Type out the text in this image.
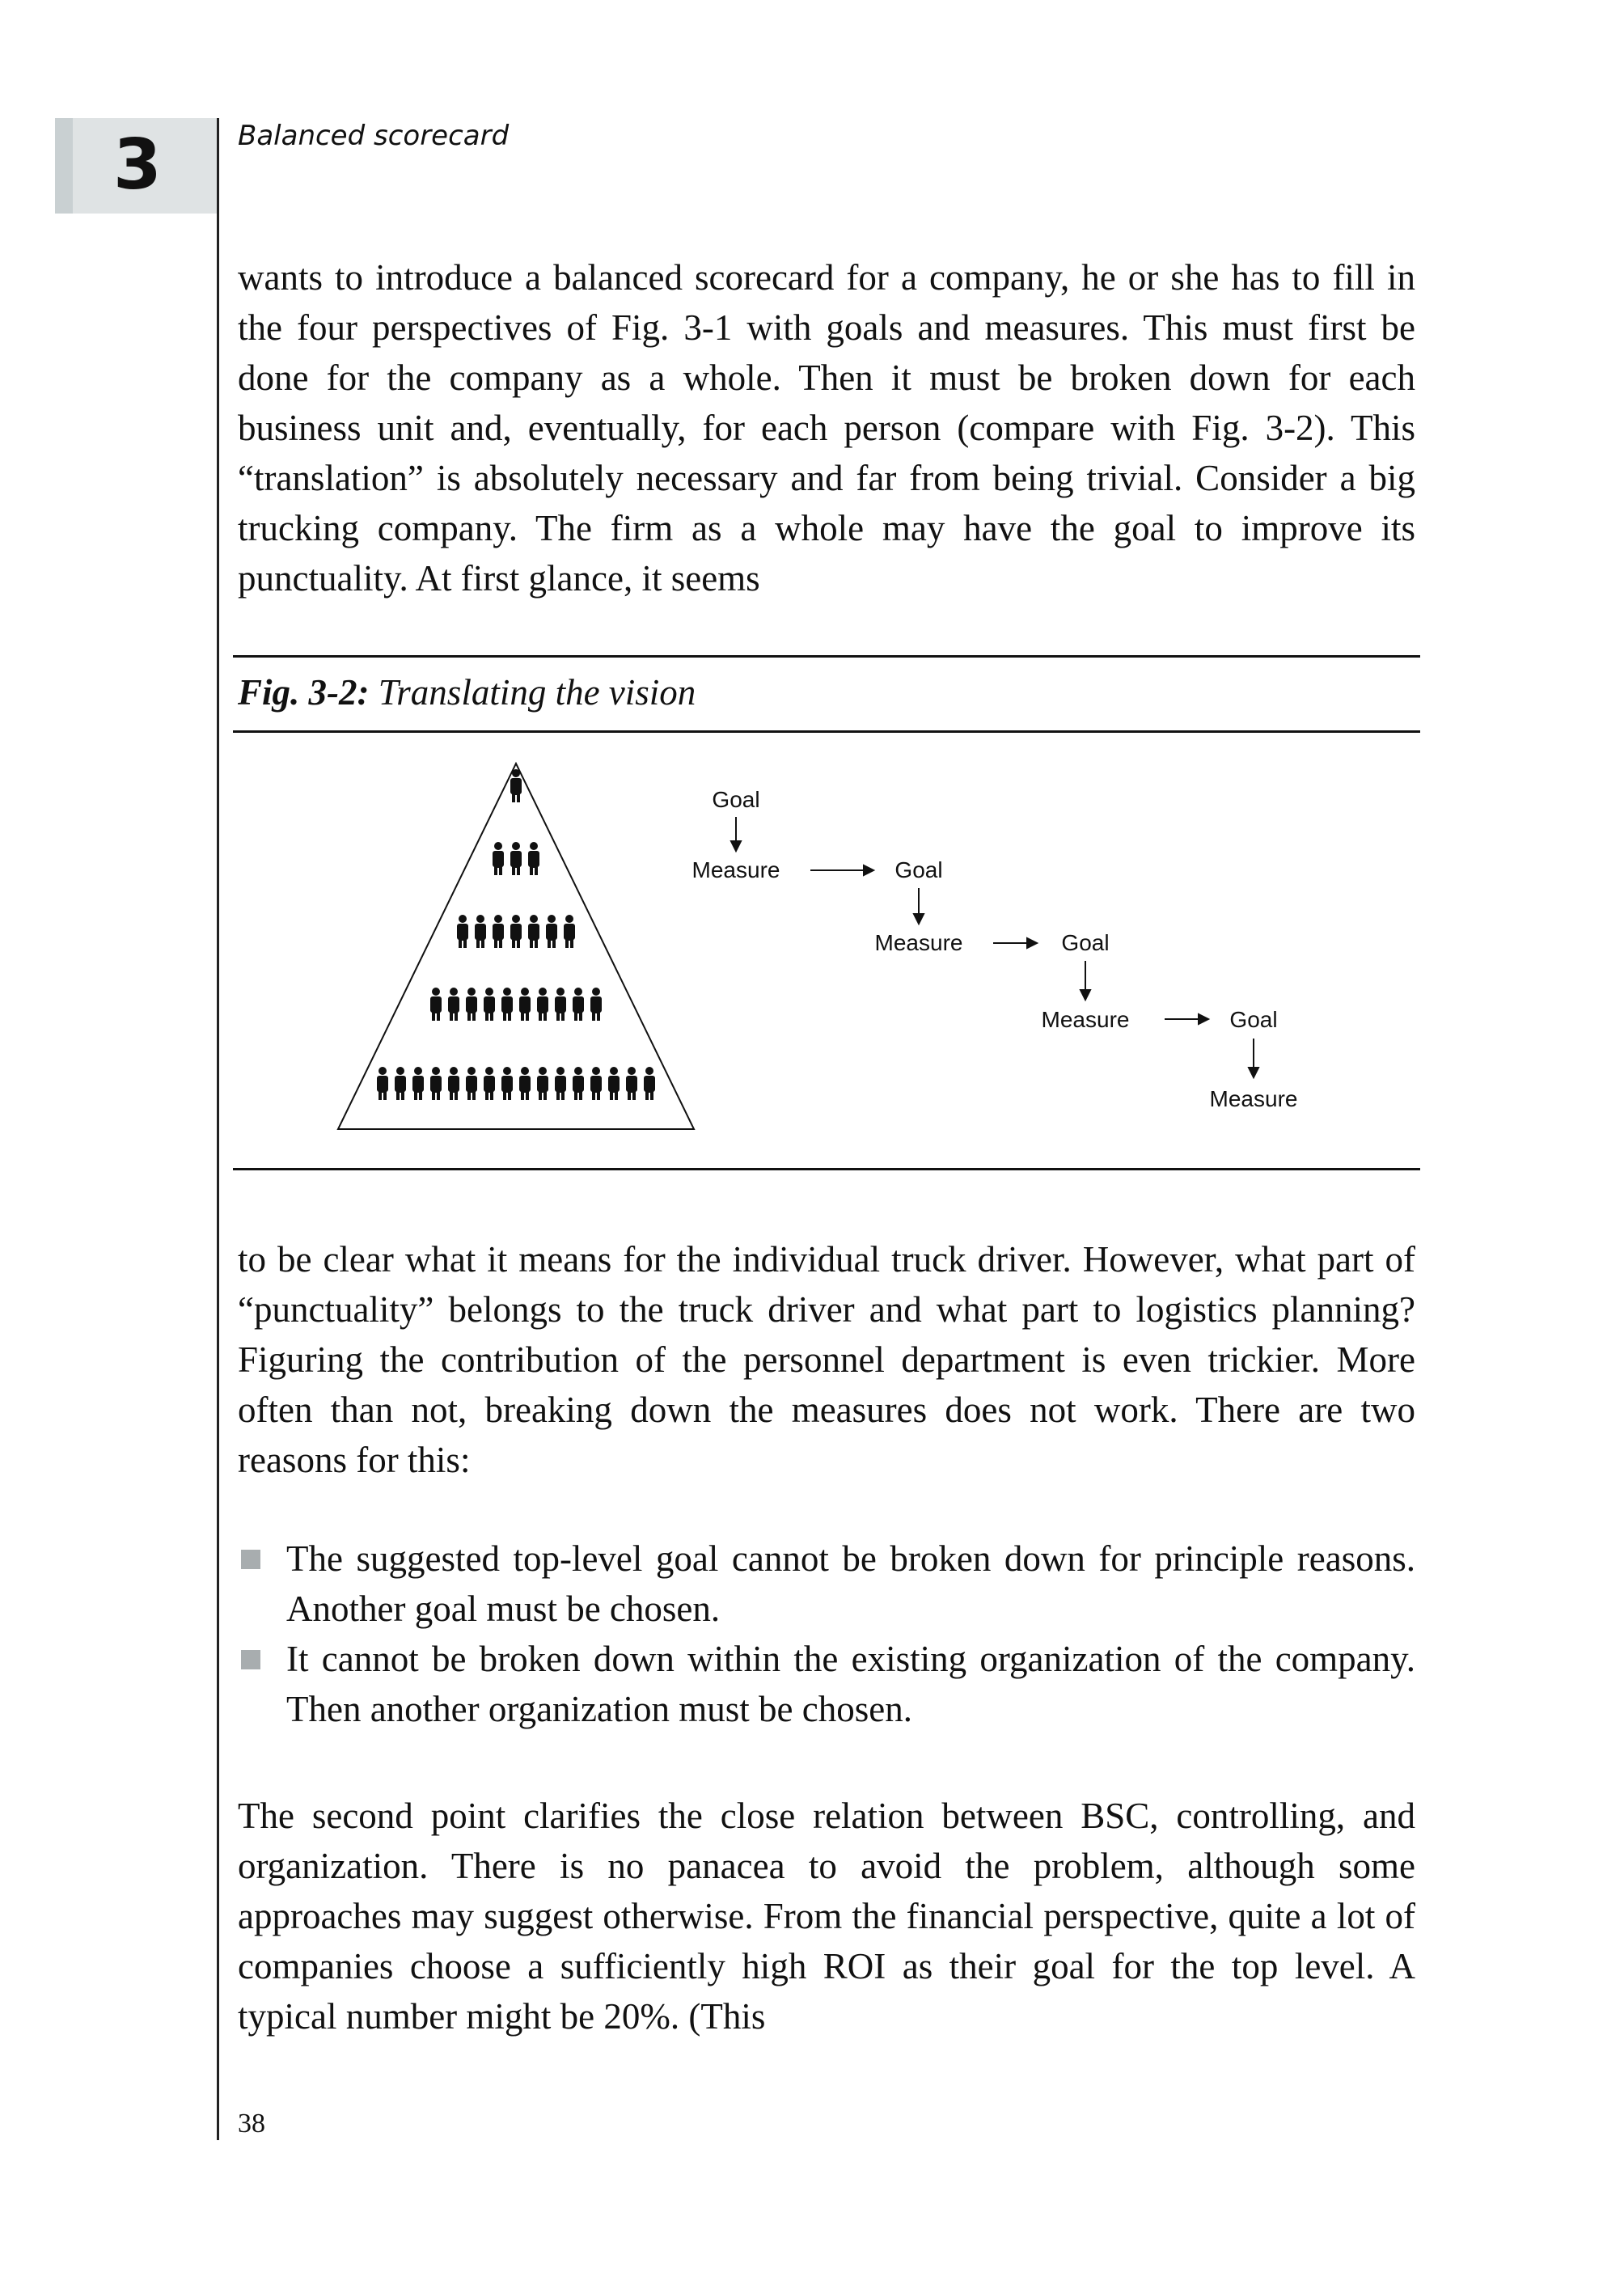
3	Balanced scorecard

wants to introduce a balanced scorecard for a company, he or she has to fill in the four perspectives of Fig. 3-1 with goals and measures. This must first be done for the company as a whole. Then it must be broken down for each business unit and, eventually, for each person (compare with Fig. 3-2). This “translation” is absolutely necessary and far from being trivial. Consider a big trucking company. The firm as a whole may have the goal to improve its punctuality. At first glance, it seems

Fig. 3-2: Translating the vision
Goal
Measure	Goal
Measure	Goal
Measure	Goal
Measure

to be clear what it means for the individual truck driver. However, what part of “punctuality” belongs to the truck driver and what part to logistics planning? Figuring the contribution of the personnel department is even trickier. More often than not, breaking down the measures does not work. There are two reasons for this:

The suggested top-level goal cannot be broken down for principle reasons. Another goal must be chosen.
It cannot be broken down within the existing organization of the company. Then another organization must be chosen.

The second point clarifies the close relation between BSC, controlling, and organization. There is no panacea to avoid the problem, although some approaches may suggest otherwise. From the financial perspective, quite a lot of companies choose a sufficiently high ROI as their goal for the top level. A typical number might be 20%. (This

38
